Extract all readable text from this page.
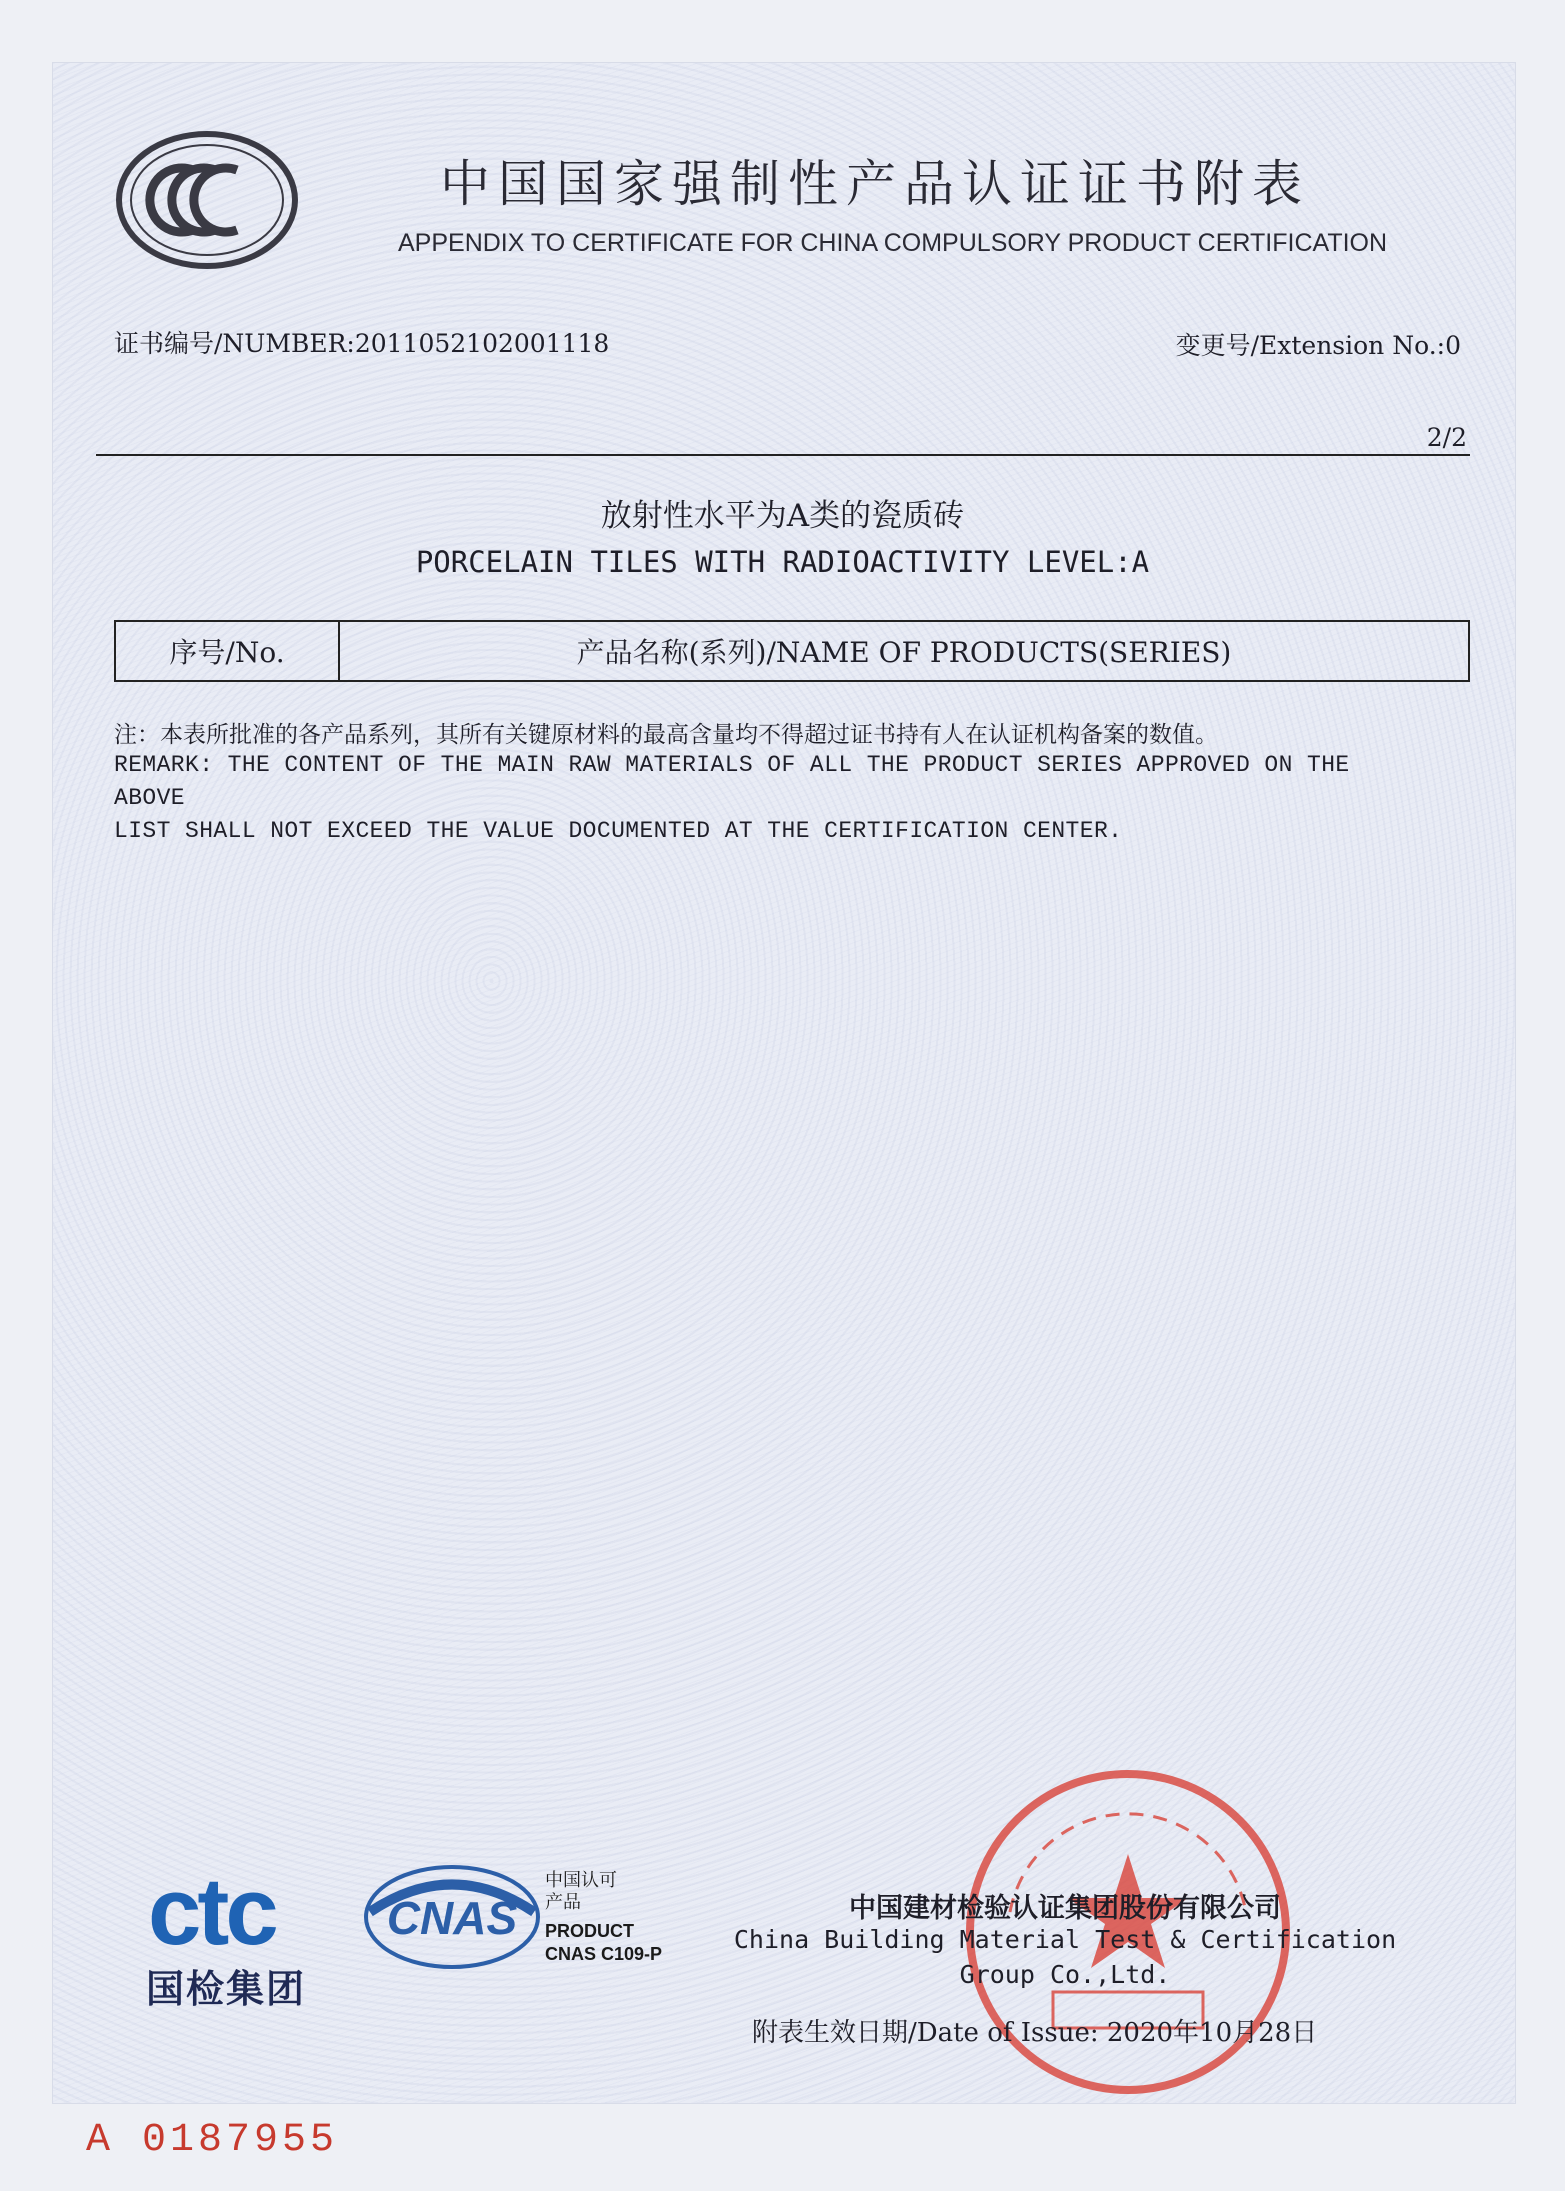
中国国家强制性产品认证证书附表
APPENDIX TO CERTIFICATE FOR CHINA COMPULSORY PRODUCT CERTIFICATION
证书编号/NUMBER:2011052102001118	变更号/Extension No.:0
2/2
放射性水平为A类的瓷质砖
PORCELAIN TILES WITH RADIOACTIVITY LEVEL:A
序号/No.	产品名称(系列)/NAME OF PRODUCTS(SERIES)
注：本表所批准的各产品系列，其所有关键原材料的最高含量均不得超过证书持有人在认证机构备案的数值。
REMARK: THE CONTENT OF THE MAIN RAW MATERIALS OF ALL THE PRODUCT SERIES APPROVED ON THE ABOVE
LIST SHALL NOT EXCEED THE VALUE DOCUMENTED AT THE CERTIFICATION CENTER.
ctc
国检集团
CNAS
中国认可
产品
PRODUCT
CNAS C109-P
中国建材检验认证集团股份有限公司
China Building Material Test & Certification
Group Co.,Ltd.
附表生效日期/Date of Issue: 2020年10月28日
A 0187955
